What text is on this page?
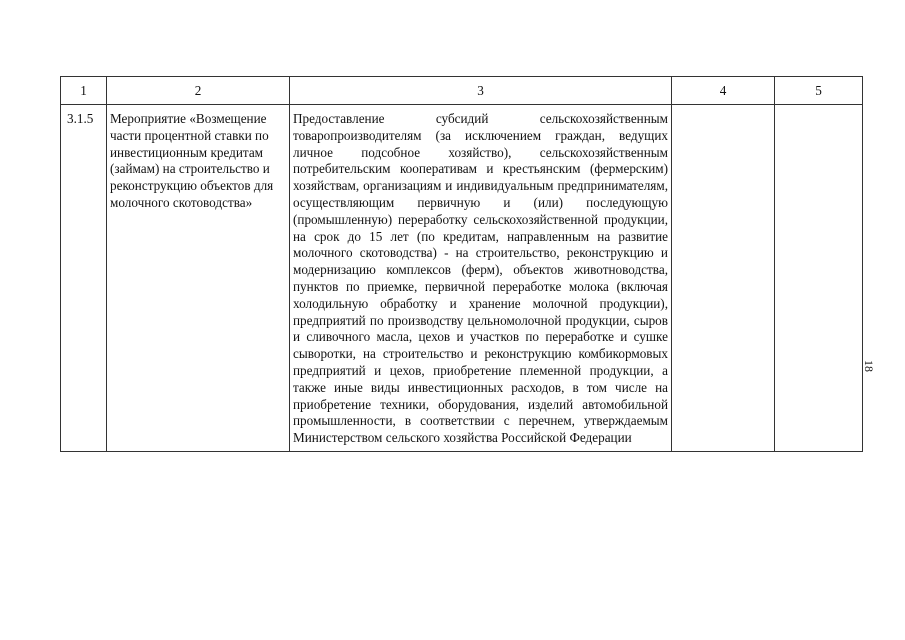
1	2	3	4	5
3.1.5	Мероприятие «Возмещение части процентной ставки по инвестиционным кредитам (займам) на строительство и реконструкцию объектов для молочного скотоводства»	Предоставление субсидий сельскохозяйственным товаропроизводителям (за исключением граждан, ведущих личное подсобное хозяйство), сельскохозяйственным потребительским кооперативам и крестьянским (фермерским) хозяйствам, организациям и индивидуальным предпринимателям, осуществляющим первичную и (или) последующую (промышленную) переработку сельскохозяйственной продукции, на срок до 15 лет (по кредитам, направленным на развитие молочного скотоводства) - на строительство, реконструкцию и модернизацию комплексов (ферм), объектов животноводства, пунктов по приемке, первичной переработке молока (включая холодильную обработку и хранение молочной продукции), предприятий по производству цельномолочной продукции, сыров и сливочного масла, цехов и участков по переработке и сушке сыворотки, на строительство и реконструкцию комбикормовых предприятий и цехов, приобретение племенной продукции, а также иные виды инвестиционных расходов, в том числе на приобретение техники, оборудования, изделий автомобильной промышленности, в соответствии с перечнем, утверждаемым Министерством сельского хозяйства Российской Федерации		
18
